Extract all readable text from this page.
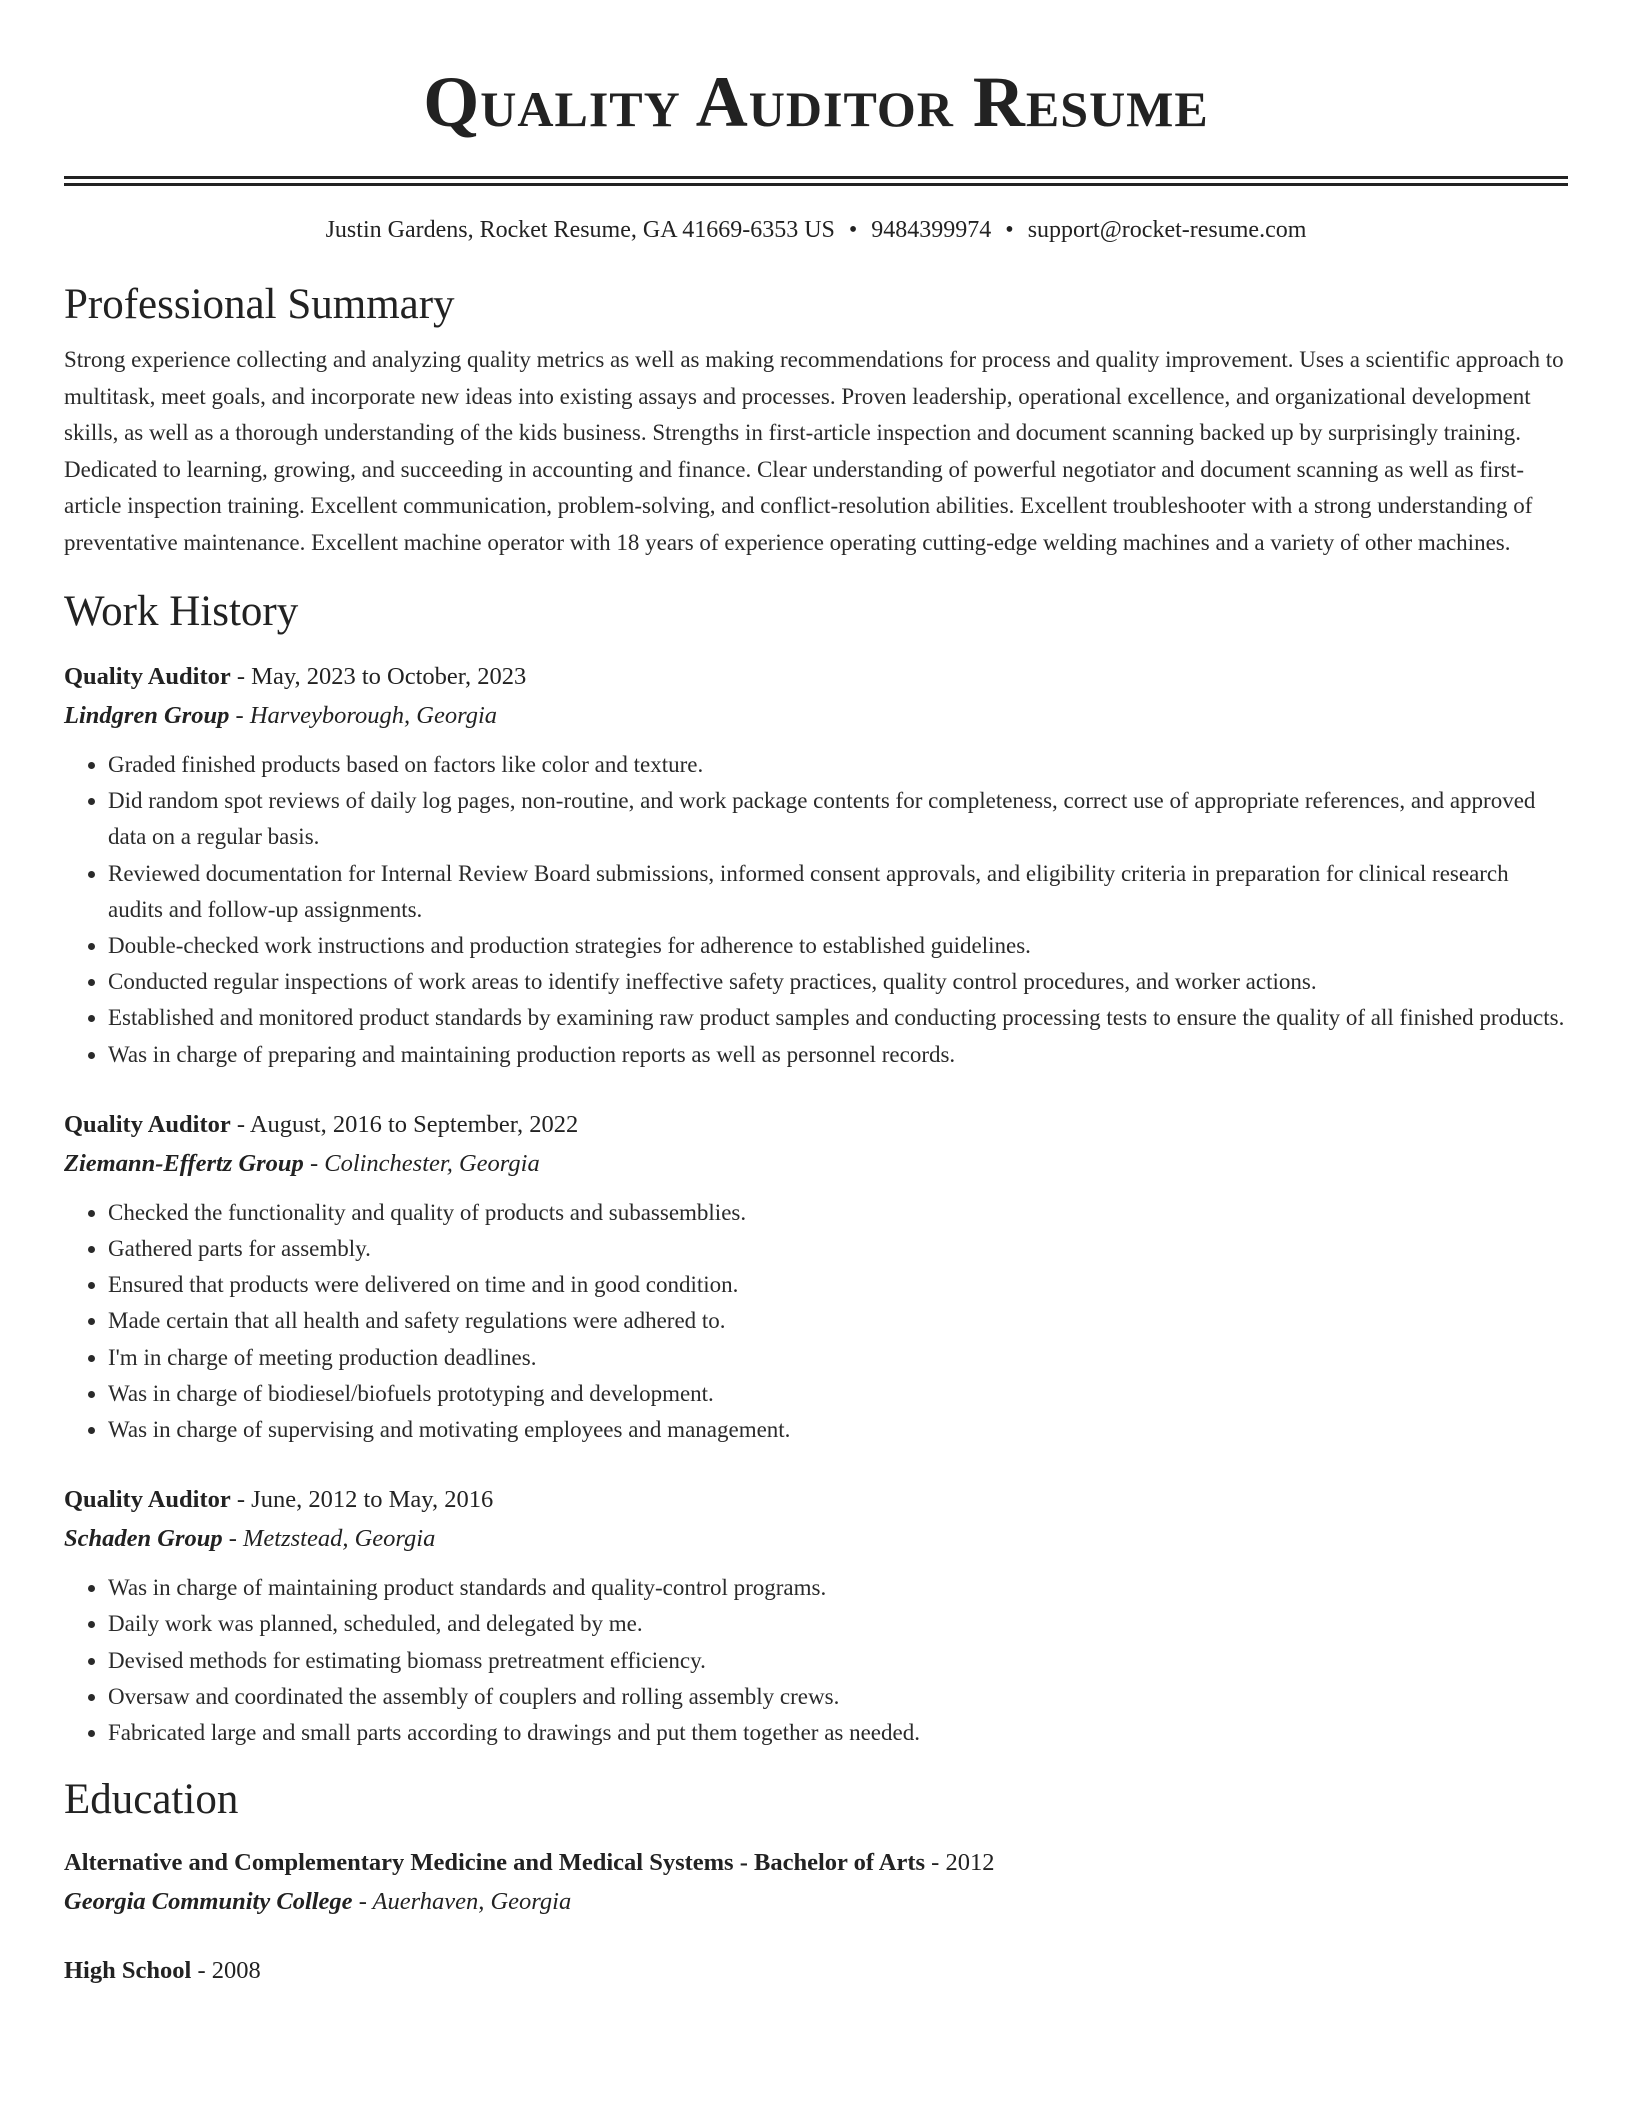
Quality Auditor Resume
Justin Gardens, Rocket Resume, GA 41669-6353 US • 9484399974 • support@rocket-resume.com
Professional Summary

Strong experience collecting and analyzing quality metrics as well as making recommendations for process and quality improvement. Uses a scientific approach to multitask, meet goals, and incorporate new ideas into existing assays and processes. Proven leadership, operational excellence, and organizational development skills, as well as a thorough understanding of the kids business. Strengths in first-article inspection and document scanning backed up by surprisingly training. Dedicated to learning, growing, and succeeding in accounting and finance. Clear understanding of powerful negotiator and document scanning as well as first-article inspection training. Excellent communication, problem-solving, and conflict-resolution abilities. Excellent troubleshooter with a strong understanding of preventative maintenance. Excellent machine operator with 18 years of experience operating cutting-edge welding machines and a variety of other machines.

Work History
Quality Auditor - May, 2023 to October, 2023
Lindgren Group - Harveyborough, Georgia
• Graded finished products based on factors like color and texture.
• Did random spot reviews of daily log pages, non-routine, and work package contents for completeness, correct use of appropriate references, and approved data on a regular basis.
• Reviewed documentation for Internal Review Board submissions, informed consent approvals, and eligibility criteria in preparation for clinical research audits and follow-up assignments.
• Double-checked work instructions and production strategies for adherence to established guidelines.
• Conducted regular inspections of work areas to identify ineffective safety practices, quality control procedures, and worker actions.
• Established and monitored product standards by examining raw product samples and conducting processing tests to ensure the quality of all finished products.
• Was in charge of preparing and maintaining production reports as well as personnel records.
Quality Auditor - August, 2016 to September, 2022
Ziemann-Effertz Group - Colinchester, Georgia
• Checked the functionality and quality of products and subassemblies.
• Gathered parts for assembly.
• Ensured that products were delivered on time and in good condition.
• Made certain that all health and safety regulations were adhered to.
• I'm in charge of meeting production deadlines.
• Was in charge of biodiesel/biofuels prototyping and development.
• Was in charge of supervising and motivating employees and management.
Quality Auditor - June, 2012 to May, 2016
Schaden Group - Metzstead, Georgia
• Was in charge of maintaining product standards and quality-control programs.
• Daily work was planned, scheduled, and delegated by me.
• Devised methods for estimating biomass pretreatment efficiency.
• Oversaw and coordinated the assembly of couplers and rolling assembly crews.
• Fabricated large and small parts according to drawings and put them together as needed.
Education
Alternative and Complementary Medicine and Medical Systems - Bachelor of Arts - 2012
Georgia Community College - Auerhaven, Georgia
High School - 2008
